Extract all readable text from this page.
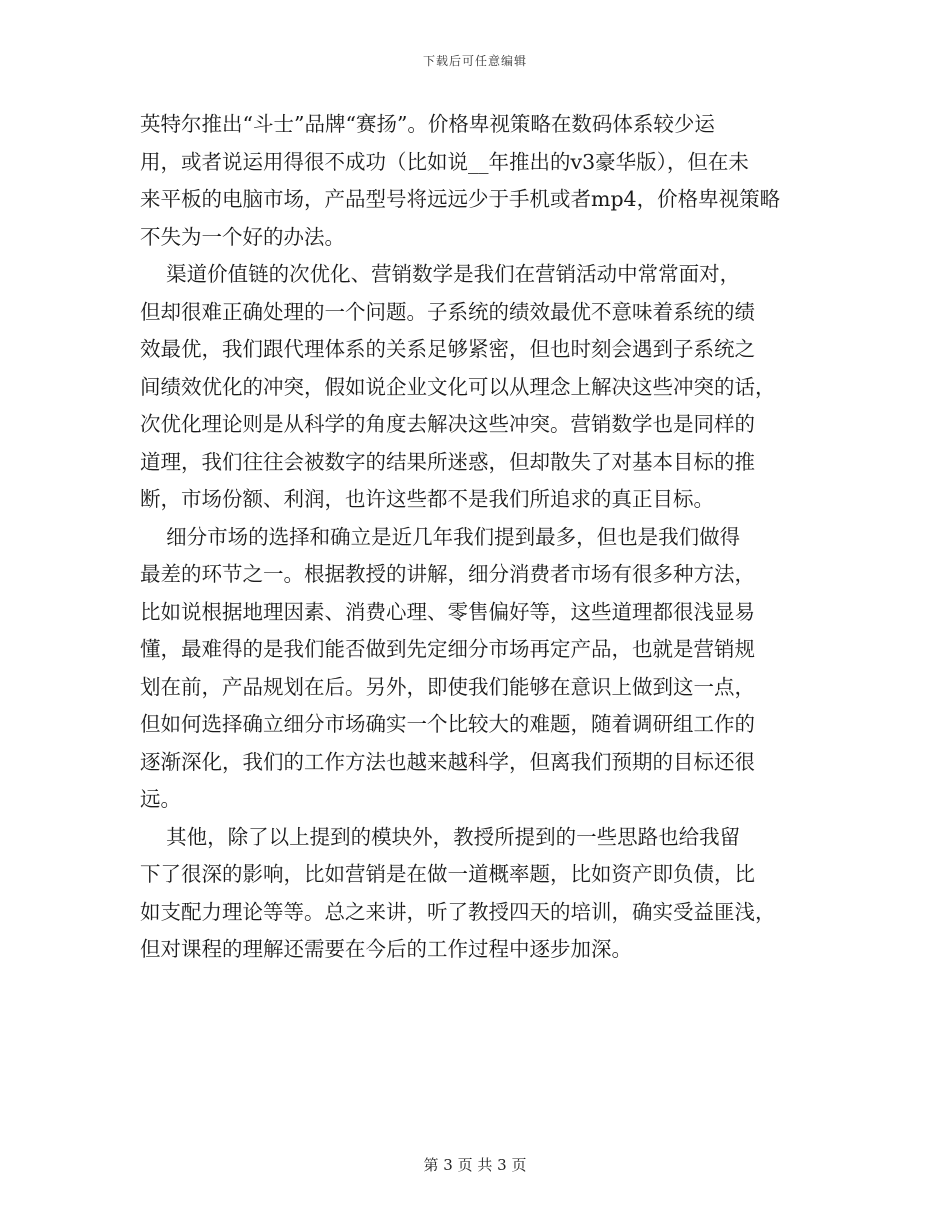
下载后可任意编辑
英特尔推出“斗士”品牌“赛扬”。价格卑视策略在数码体系较少运
用，或者说运用得很不成功（比如说__年推出的v3豪华版），但在未
来平板的电脑市场，产品型号将远远少于手机或者mp4，价格卑视策略
不失为一个好的办法。
渠道价值链的次优化、营销数学是我们在营销活动中常常面对，
但却很难正确处理的一个问题。子系统的绩效最优不意味着系统的绩
效最优，我们跟代理体系的关系足够紧密，但也时刻会遇到子系统之
间绩效优化的冲突，假如说企业文化可以从理念上解决这些冲突的话，
次优化理论则是从科学的角度去解决这些冲突。营销数学也是同样的
道理，我们往往会被数字的结果所迷惑，但却散失了对基本目标的推
断，市场份额、利润，也许这些都不是我们所追求的真正目标。
细分市场的选择和确立是近几年我们提到最多，但也是我们做得
最差的环节之一。根据教授的讲解，细分消费者市场有很多种方法，
比如说根据地理因素、消费心理、零售偏好等，这些道理都很浅显易
懂，最难得的是我们能否做到先定细分市场再定产品，也就是营销规
划在前，产品规划在后。另外，即使我们能够在意识上做到这一点，
但如何选择确立细分市场确实一个比较大的难题，随着调研组工作的
逐渐深化，我们的工作方法也越来越科学，但离我们预期的目标还很
远。
其他，除了以上提到的模块外，教授所提到的一些思路也给我留
下了很深的影响，比如营销是在做一道概率题，比如资产即负债，比
如支配力理论等等。总之来讲，听了教授四天的培训，确实受益匪浅，
但对课程的理解还需要在今后的工作过程中逐步加深。
第 3 页 共 3 页
